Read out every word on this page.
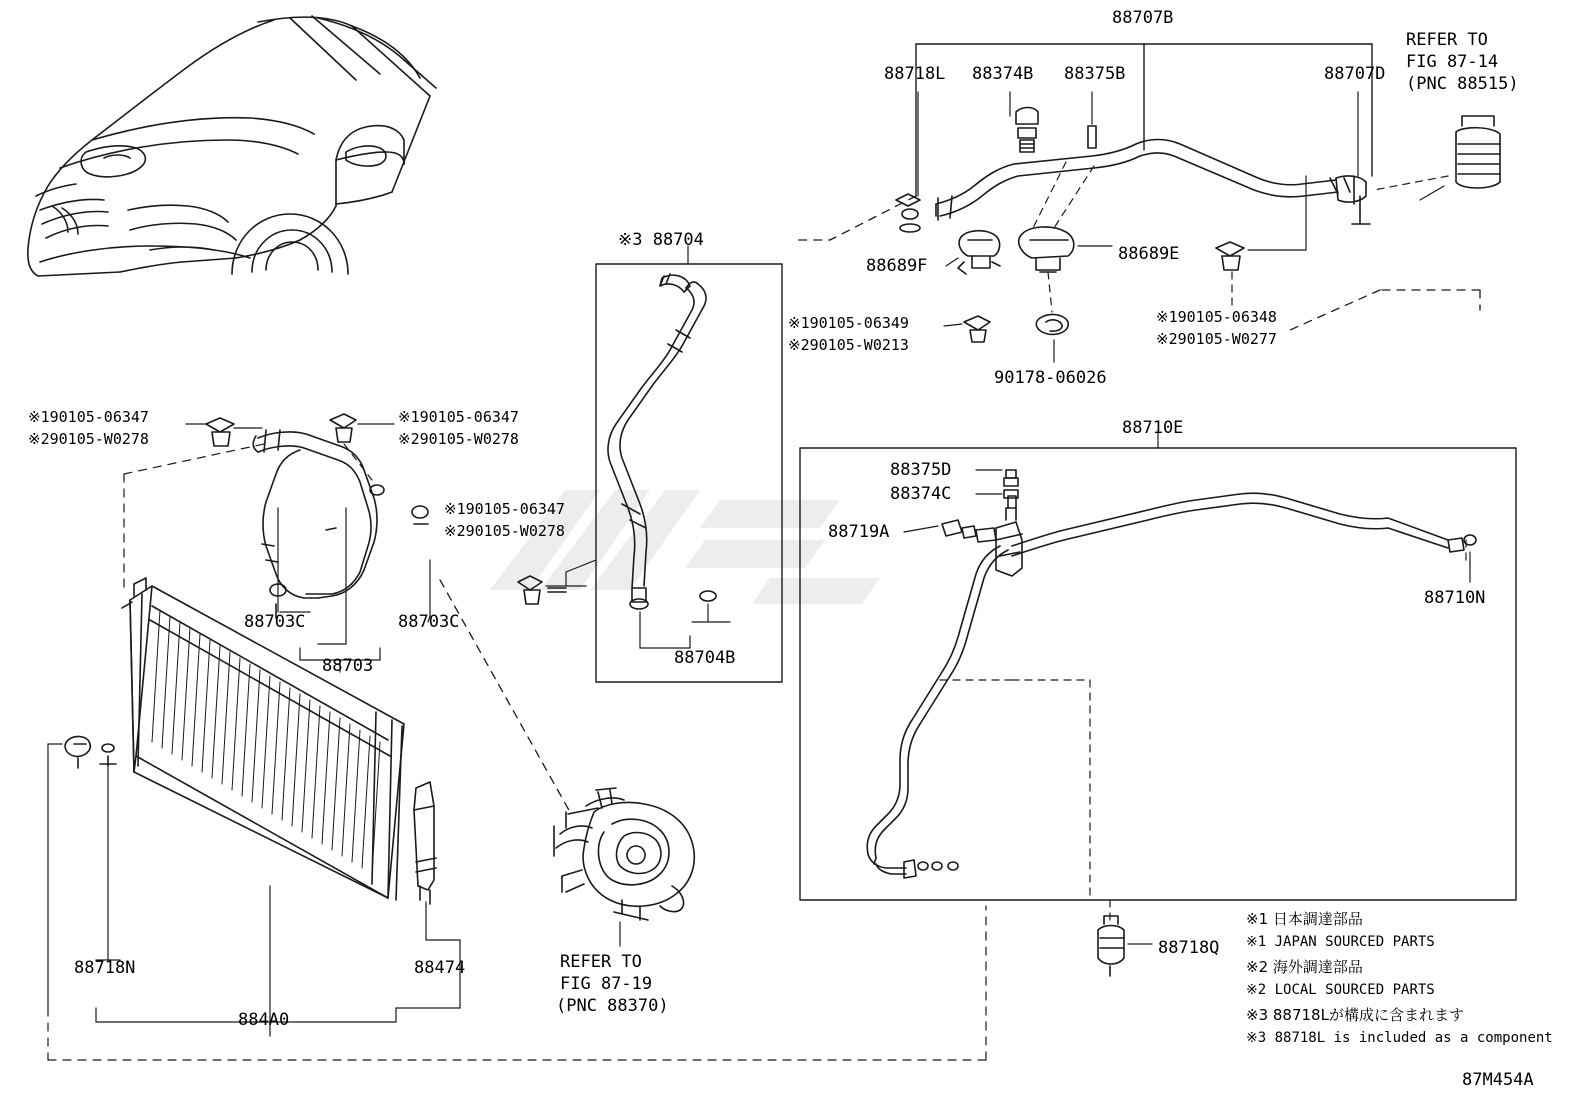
88707B
88718L 88374B 88375B	88707D
REFER TO
FIG 87-14
(PNC 88515)
88689F
88689E
90178-06026
※3 88704
88704B
88710E
88375D
88374C
88719A
88710N
88718Q
88703C	88703C
88703
88718N	88474
884A0
※190105-06347
※290105-W0278
※190105-06347
※290105-W0278
※190105-06347
※290105-W0278
※190105-06349
※290105-W0213
※190105-06348
※290105-W0277
REFER TO
FIG 87-19
(PNC 88370)
※1 日本調達部品
※1 JAPAN SOURCED PARTS
※2 海外調達部品
※2 LOCAL SOURCED PARTS
※3 88718Lが構成に含まれます
※3 88718L is included as a component
87M454A
